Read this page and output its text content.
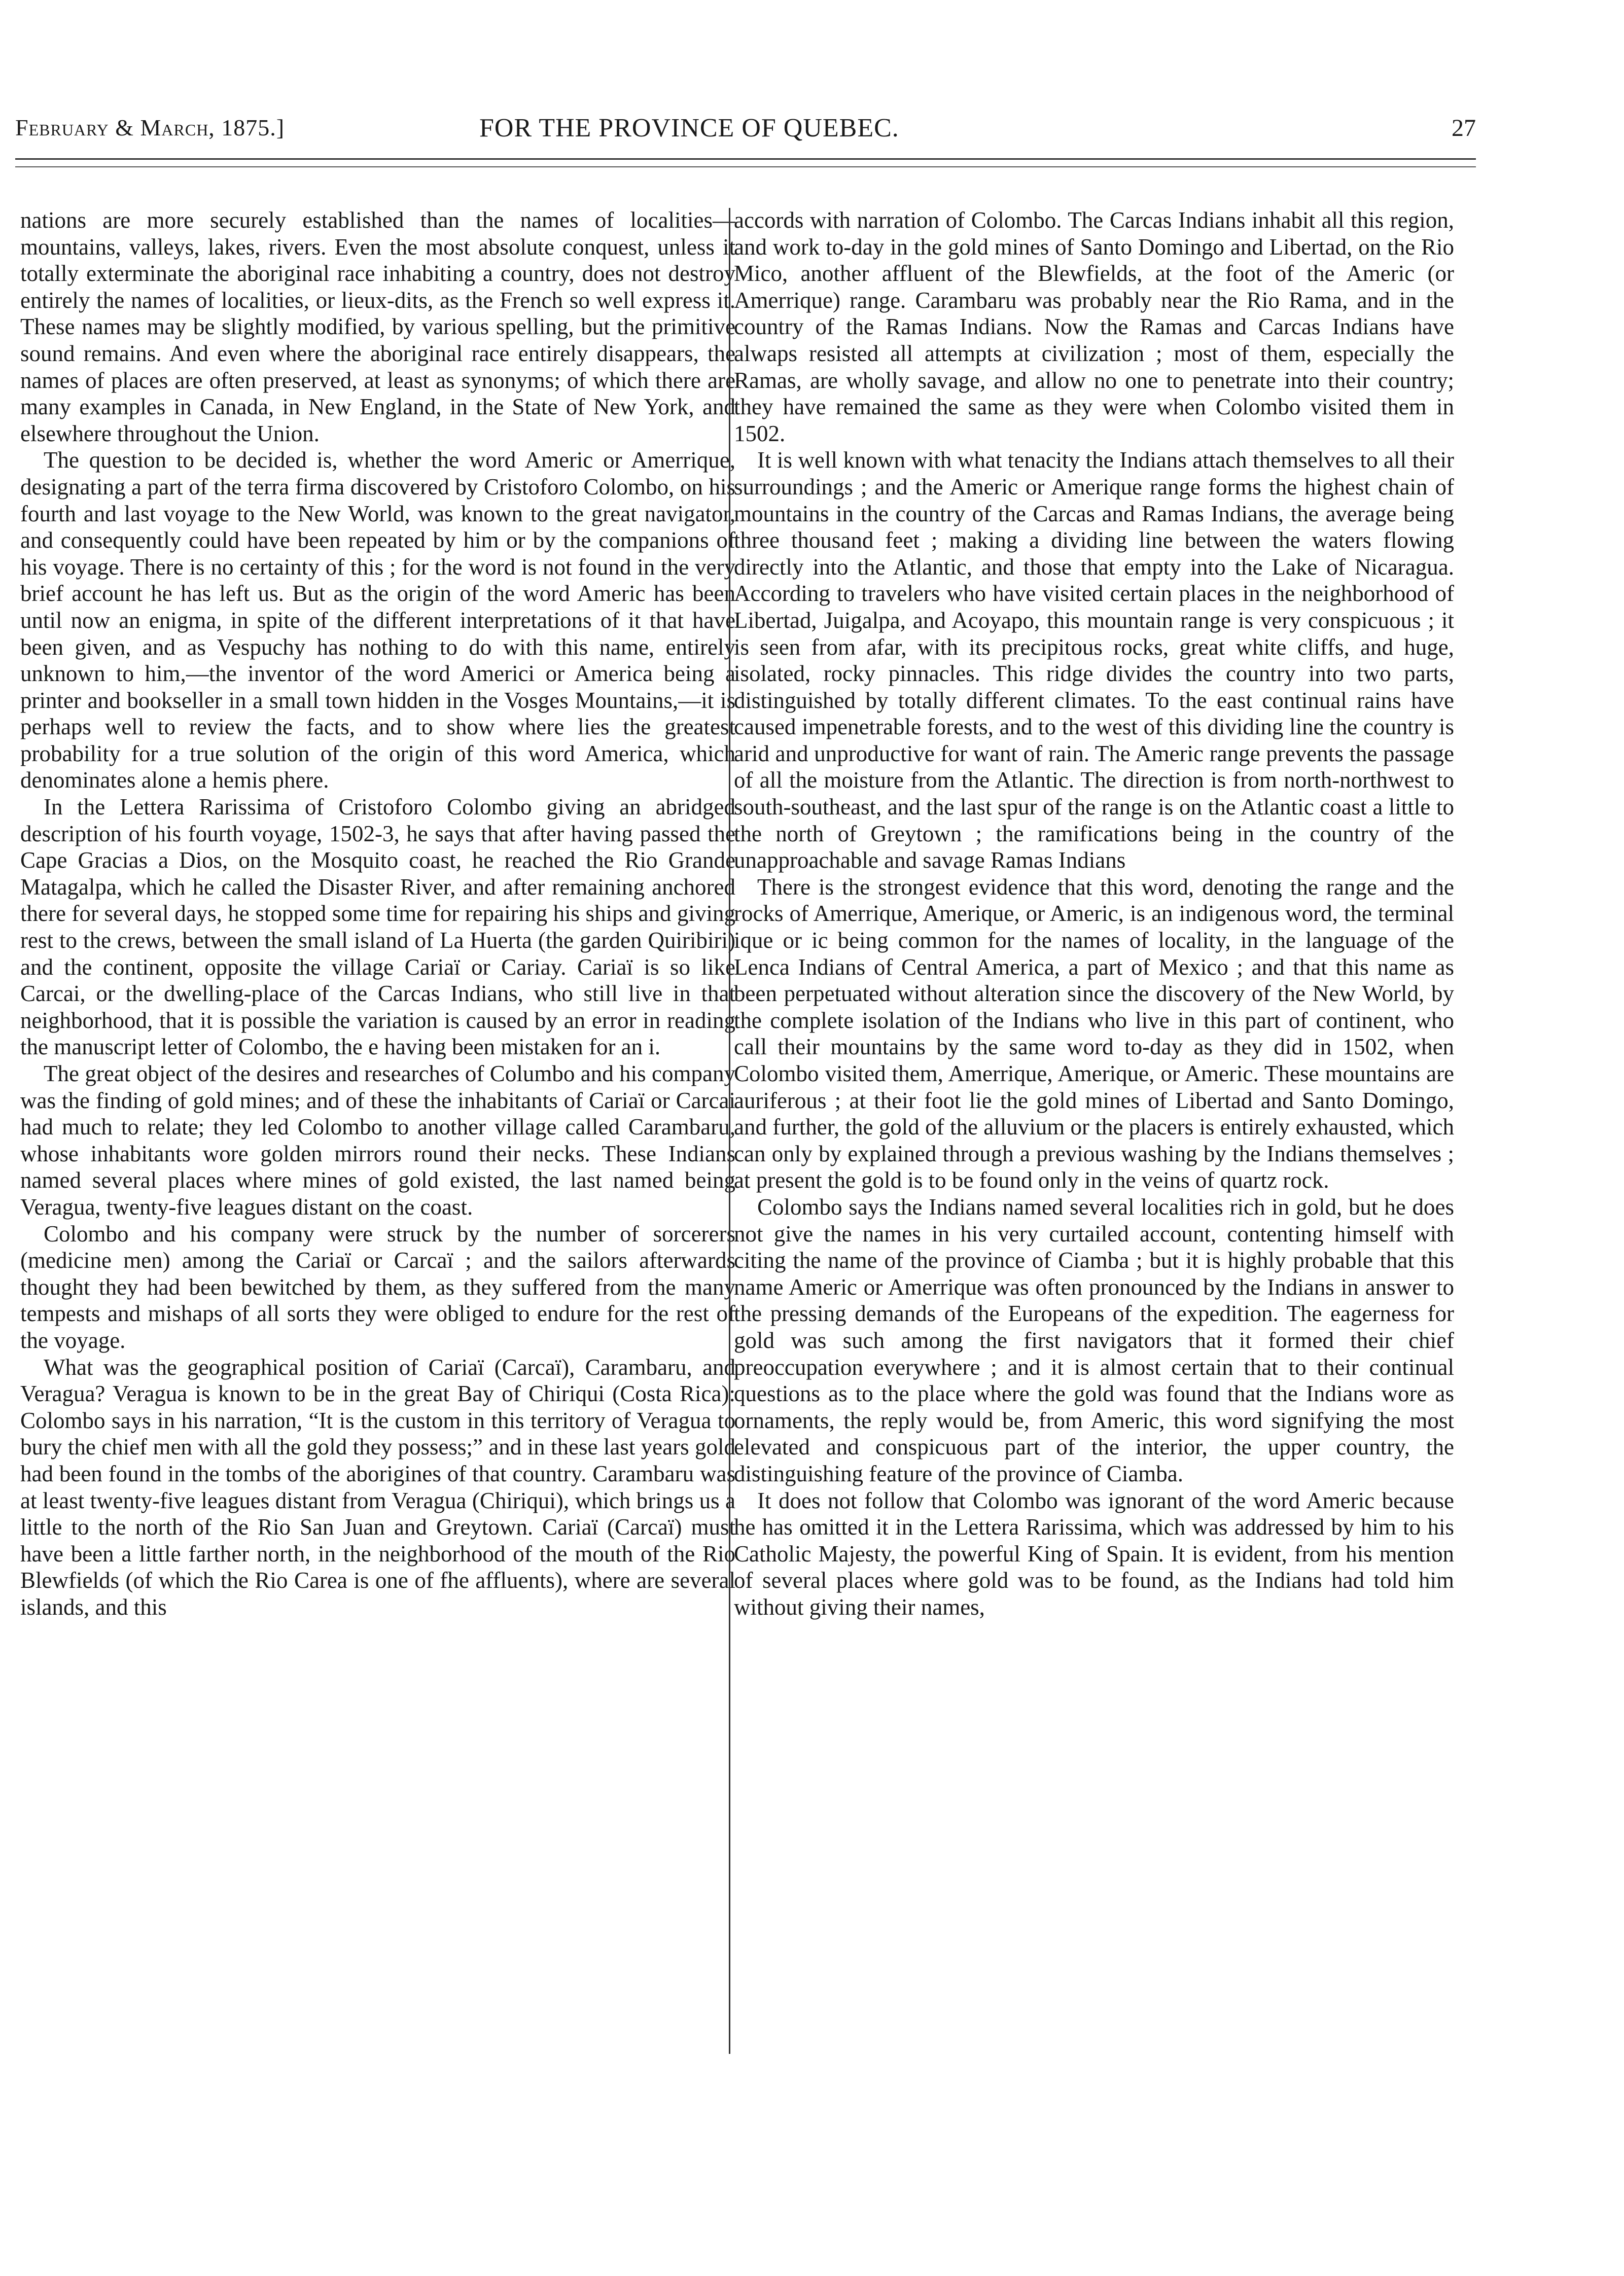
February & March, 1875.]	FOR THE PROVINCE OF QUEBEC.	27

nations are more securely established than the names of localities—mountains, valleys, lakes, rivers. Even the most absolute conquest, unless it totally exterminate the aboriginal race inhabiting a country, does not destroy entirely the names of localities, or lieux-dits, as the French so well express it. These names may be slightly modified, by various spelling, but the primitive sound remains. And even where the aboriginal race entirely disappears, the names of places are often preserved, at least as synonyms; of which there are many examples in Canada, in New England, in the State of New York, and elsewhere throughout the Union.

The question to be decided is, whether the word Americ or Amerrique, designating a part of the terra firma discovered by Cristoforo Colombo, on his fourth and last voyage to the New World, was known to the great navigator, and consequently could have been repeated by him or by the companions of his voyage. There is no certainty of this ; for the word is not found in the very brief account he has left us. But as the origin of the word Americ has been until now an enigma, in spite of the different interpretations of it that have been given, and as Vespuchy has nothing to do with this name, entirely unknown to him,—the inventor of the word Americi or America being a printer and bookseller in a small town hidden in the Vosges Mountains,—it is perhaps well to review the facts, and to show where lies the greatest probability for a true solution of the origin of this word America, which denominates alone a hemis phere.

In the Lettera Rarissima of Cristoforo Colombo giving an abridged description of his fourth voyage, 1502-3, he says that after having passed the Cape Gracias a Dios, on the Mosquito coast, he reached the Rio Grande Matagalpa, which he called the Disaster River, and after remaining anchored there for several days, he stopped some time for repairing his ships and giving rest to the crews, between the small island of La Huerta (the garden Quiribiri) and the continent, opposite the village Cariaï or Cariay. Cariaï is so like Carcai, or the dwelling-place of the Carcas Indians, who still live in that neighborhood, that it is possible the variation is caused by an error in reading the manuscript letter of Colombo, the e having been mistaken for an i.

The great object of the desires and researches of Columbo and his company was the finding of gold mines; and of these the inhabitants of Cariaï or Carcai had much to relate; they led Colombo to another village called Carambaru, whose inhabitants wore golden mirrors round their necks. These Indians named several places where mines of gold existed, the last named being Veragua, twenty-five leagues distant on the coast.

Colombo and his company were struck by the number of sorcerers (medicine men) among the Cariaï or Carcaï ; and the sailors afterwards thought they had been bewitched by them, as they suffered from the many tempests and mishaps of all sorts they were obliged to endure for the rest of the voyage.

What was the geographical position of Cariaï (Carcaï), Carambaru, and Veragua? Veragua is known to be in the great Bay of Chiriqui (Costa Rica): Colombo says in his narration, “It is the custom in this territory of Veragua to bury the chief men with all the gold they possess;” and in these last years gold had been found in the tombs of the aborigines of that country. Carambaru was at least twenty-five leagues distant from Veragua (Chiriqui), which brings us a little to the north of the Rio San Juan and Greytown. Cariaï (Carcaï) must have been a little farther north, in the neighborhood of the mouth of the Rio Blewfields (of which the Rio Carea is one of fhe affluents), where are several islands, and this

accords with narration of Colombo. The Carcas Indians inhabit all this region, and work to-day in the gold mines of Santo Domingo and Libertad, on the Rio Mico, another affluent of the Blewfields, at the foot of the Americ (or Amerrique) range. Carambaru was probably near the Rio Rama, and in the country of the Ramas Indians. Now the Ramas and Carcas Indians have alwaps resisted all attempts at civilization ; most of them, especially the Ramas, are wholly savage, and allow no one to penetrate into their country; they have remained the same as they were when Colombo visited them in 1502.

It is well known with what tenacity the Indians attach themselves to all their surroundings ; and the Americ or Amerique range forms the highest chain of mountains in the country of the Carcas and Ramas Indians, the average being three thousand feet ; making a dividing line between the waters flowing directly into the Atlantic, and those that empty into the Lake of Nicaragua. According to travelers who have visited certain places in the neighborhood of Libertad, Juigalpa, and Acoyapo, this mountain range is very conspicuous ; it is seen from afar, with its precipitous rocks, great white cliffs, and huge, isolated, rocky pinnacles. This ridge divides the country into two parts, distinguished by totally different climates. To the east continual rains have caused impenetrable forests, and to the west of this dividing line the country is arid and unproductive for want of rain. The Americ range prevents the passage of all the moisture from the Atlantic. The direction is from north-northwest to south-southeast, and the last spur of the range is on the Atlantic coast a little to the north of Greytown ; the ramifications being in the country of the unapproachable and savage Ramas Indians

There is the strongest evidence that this word, denoting the range and the rocks of Amerrique, Amerique, or Americ, is an indigenous word, the terminal ique or ic being common for the names of locality, in the language of the Lenca Indians of Central America, a part of Mexico ; and that this name as been perpetuated without alteration since the discovery of the New World, by the complete isolation of the Indians who live in this part of continent, who call their mountains by the same word to-day as they did in 1502, when Colombo visited them, Amerrique, Amerique, or Americ. These mountains are auriferous ; at their foot lie the gold mines of Libertad and Santo Domingo, and further, the gold of the alluvium or the placers is entirely exhausted, which can only by explained through a previous washing by the Indians themselves ; at present the gold is to be found only in the veins of quartz rock.

Colombo says the Indians named several localities rich in gold, but he does not give the names in his very curtailed account, contenting himself with citing the name of the province of Ciamba ; but it is highly probable that this name Americ or Amerrique was often pronounced by the Indians in answer to the pressing demands of the Europeans of the expedition. The eagerness for gold was such among the first navigators that it formed their chief preoccupation everywhere ; and it is almost certain that to their continual questions as to the place where the gold was found that the Indians wore as ornaments, the reply would be, from Americ, this word signifying the most elevated and conspicuous part of the interior, the upper country, the distinguishing feature of the province of Ciamba.

It does not follow that Colombo was ignorant of the word Americ because he has omitted it in the Lettera Rarissima, which was addressed by him to his Catholic Majesty, the powerful King of Spain. It is evident, from his mention of several places where gold was to be found, as the Indians had told him without giving their names,
